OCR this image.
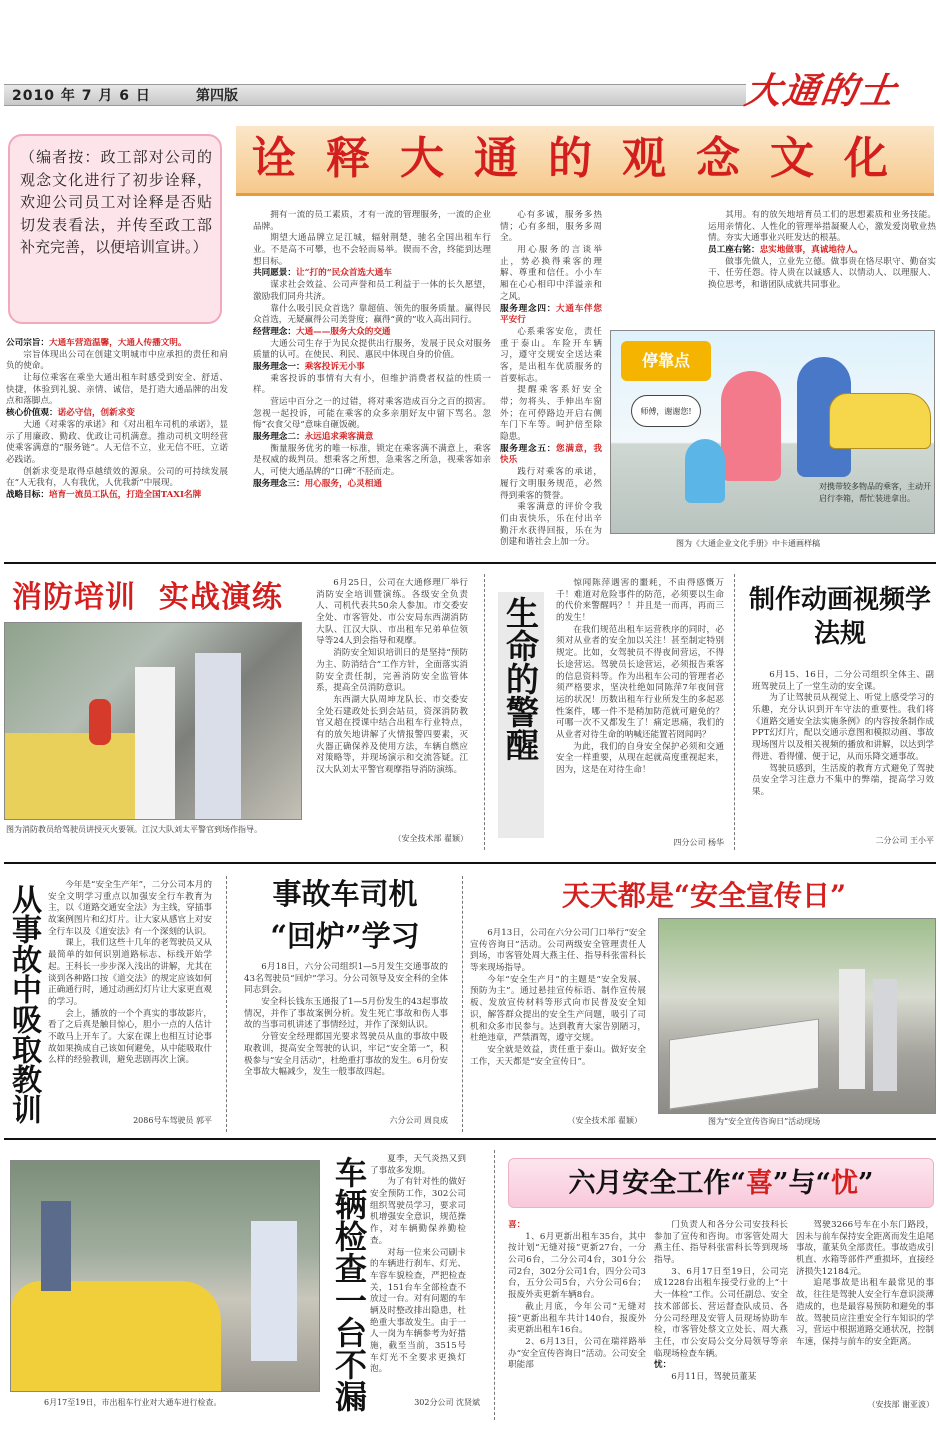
2010 年 7 月 6 日	第四版	大通的士
诠释大通的观念文化
（编者按：政工部对公司的观念文化进行了初步诠释，欢迎公司员工对诠释是否贴切发表看法，并传至政工部补充完善，以便培训宣讲。）

公司宗旨：大通车营造温馨，大通人传播文明。

宗旨体现出公司在创建文明城市中应承担的责任和肩负的使命。

让每位乘客在乘坐大通出租车时感受到安全、舒适、快捷，体验到礼貌、亲情、诚信，是打造大通品牌的出发点和落脚点。

核心价值观：诺必守信，创新求变

大通《对乘客的承诺》和《对出租车司机的承诺》，显示了用廉政、勤政、优政让司机满意。推动司机文明经营使乘客满意的“服务链”。人无信不立，业无信不旺，立诺必践诺。

创新求变是取得卓越绩效的源泉。公司的可持续发展在“人无我有，人有我优，人优我新”中展现。

战略目标：培育一流员工队伍，打造全国TAXI名牌

拥有一流的员工素质，才有一流的管理服务，一流的企业品牌。

期望大通品牌立足江城，辐射荆楚，驰名全国出租车行业。不是高不可攀，也不会轻而易举。锲而不舍，终能到达理想目标。

共同愿景：让“打的”民众首选大通车

谋求社会效益、公司声誉和员工利益于一体的长久愿望，激励我们同舟共济。

靠什么吸引民众首选？靠超值、领先的服务质量。赢得民众首选，无疑赢得公司美誉度；赢得“黄的”收入高出同行。

经营理念：大通——服务大众的交通

大通公司生存于为民众提供出行服务，发展于民众对服务质量的认可。在使民、利民、惠民中体现自身的价值。

服务理念一：乘客投诉无小事

乘客投诉的事情有大有小，但维护消费者权益的性质一样。

营运中百分之一的过错，将对乘客造成百分之百的损害。忽视一起投诉，可能在乘客的众多亲朋好友中留下骂名。忽悔“衣食父母”意味自砸饭碗。

服务理念二：永远追求乘客满意

衡量服务优劣的唯一标准，锁定在乘客满不满意上，乘客是权威的裁判员。想乘客之所想，急乘客之所急，视乘客如亲人，可使大通品牌的“口碑”不胫而走。

服务理念三：用心服务，心灵相通

心有多诚，服务多热情；心有多细，服务多周全。

用心服务的言谈举止，势必换得乘客的理解、尊重和信任。小小车厢在心心相印中洋溢亲和之风。

服务理念四：大通车伴您平安行

心系乘客安危，责任重于泰山。车险开车辆习，遵守交规安全送达乘客，是出租车优质服务的首要标志。

提醒乘客系好安全带；勿将头、手伸出车窗外；在可停路边开启右侧车门下车等。呵护倍至除隐患。

服务理念五：您满意，我快乐

践行对乘客的承诺，履行文明服务规范，必然得到乘客的赞誉。

乘客满意的评价令我们由衷快乐，乐在付出辛勤汗水获得回报，乐在为创建和谐社会上加一分。

其用。有的放矢地培育员工们的思想素质和业务技能。运用亲情化、人性化的管理举措凝聚人心，激发爱岗敬业热情。夯实大通事业兴旺发达的根基。

员工座右铭：忠实地做事，真诚地待人。

做事先做人，立业先立德。做事贵在恪尽职守、勤奋实干、任劳任怨。待人贵在以诚感人、以情动人、以理服人、换位思考，和谐团队成就共同事业。

停靠点
师傅，谢谢您!
对携带较多物品的乘客，主动开启行李箱，帮忙装进拿出。
图为《大通企业文化手册》中卡通画样稿
消防培训  实战演练
图为消防教员给驾驶员讲授灭火要领。江汉大队刘太平警官到场作指导。

6月25日，公司在大通修理厂举行消防安全培训暨演练。各级安全负责人、司机代表共50余人参加。市交委安全处、市客管处、市公安局东西湖消防大队、江汉大队、市出租车兄弟单位领导等24人到会指导和观摩。

消防安全知识培训日的是坚持“预防为主、防消结合”工作方针，全面落实消防安全责任制，完善消防安全监管体系，提高全员消防意识。

东西湖大队周坤龙队长、市交委安全处石建政处长到会站员，资深消防教官又超在授课中结合出租车行业特点，有的放矢地讲解了火情报警四要素，灭火器正确保养及使用方法，车辆自燃应对策略等，并现场演示和交流答疑。江汉大队刘太平警官观摩指导消防演练。

（安全技术部 翟颖）
生命的警醒

惊闻陈萍遇害的噩耗，不由得感慨万千！难道对危险事件的防范，必须要以生命的代价来警醒吗？！并且是一而再，再而三的发生！

在我们规范出租车运营秩序的同时，必须对从业者的安全加以关注！甚至制定特别规定。比如，女驾驶员不得夜间营运，不得长途营运。驾驶员长途营运，必须报告乘客的信息资料等。作为出租车公司的管理者必须严格要求，坚决杜绝如同陈萍7年夜间营运的状况！历数出租车行业所发生的多起恶性案件，哪一件不是稍加防范就可避免的？可哪一次不又都发生了！痛定思痛，我们的从业者对待生命的呐喊还能置若罔闻吗？

为此，我们的自身安全保护必须和交通安全一样重要，从现在起就高度重视起来，因为，这是在对待生命！

四分公司 杨华
制作动画视频学法规

6月15、16日，二分公司组织全体主、副班驾驶员上了一堂生动的安全课。

为了让驾驶员从视觉上、听觉上感受学习的乐趣，充分认识到开车守法的重要性。我们将《道路交通安全法实施条例》的内容按条制作成PPT幻灯片，配以交通示意图和模拟动画、事故现场图片以及相关视频的播放和讲解，以达到学得进、看得懂、便于记，从而乐降交通事故。

驾驶员感到，生活废的教育方式避免了驾驶员安全学习注意力不集中的弊端，提高学习效果。

二分公司 王小平
从事故中吸取教训	今年是“安全生产年”，二分公司本月的安全文明学习重点以加强安全行车教育为主，以《道路交通安全法》为主线，穿插事故案例图片和幻灯片。让大家从感官上对安全行车以及《道安法》有一个深刻的认识。

课上，我们这些十几年的老驾驶员又从最简单的如何识别道路标志、标线开始学起。王科长一步步深入浅出的讲解，尤其在谈到各种路口按《道交法》的规定应该如何正确通行时，通过动画幻灯片让大家更直观的学习。

会上，播放的一个个真实的事故影片，看了之后真是触目惊心，胆小一点的人估计不敢马上开车了。大家在课上也相互讨论事故如果换成自己该如何避免，从中能吸取什么样的经验教训，避免悲剧再次上演。

2086号车驾驶员 郭平
事故车司机
“回炉”学习

6月18日，六分公司组织1—5月发生交通事故的43名驾驶员“回炉”学习。分公司领导及安全科的全体同志到会。

安全科长钱东玉通报了1—5月份发生的43起事故情况，并作了事故案例分析。发生死亡事故和伤人事故的当事司机讲述了事情经过，并作了深刻认识。

分管安全经理都国光要求驾驶员从血的事故中吸取教训，提高安全驾驶的认识，牢记“安全第一”，积极参与“安全月活动”，杜绝重打事故的发生。6月份安全事故大幅减少，发生一般事故四起。

六分公司 周良成
天天都是“安全宣传日”

6月13日，公司在六分公司门口举行“安全宣传咨询日”活动。公司两级安全管理责任人到场，市客管处周大燕主任、指导科张雷科长等来现场指导。

今年“安全生产月”的主题是“安全发展、预防为主”。通过悬挂宣传标语、制作宣传展板、发放宣传材料等形式向市民普及安全知识，解答群众提出的安全生产问题，吸引了司机和众多市民参与。达到教育大家告别陋习，杜绝违章，严禁酒驾，遵守交规。

安全就是效益，责任重于泰山。做好安全工作，天天都是“安全宣传日”。

（安全技术部 翟颖）	图为“安全宣传咨询日”活动现场
6月17至19日，市出租车行业对大通车进行检查。	车辆检查一台不漏	夏季，天气炎热又到了事故多发期。

为了有针对性的做好安全预防工作，302公司组织驾驶员学习，要求司机增强安全意识，规范操作，对车辆勤保养勤检查。

对每一位来公司刷卡的车辆进行刹车、灯光、车容车貌检查，严把检查关，151台车全部检查不放过一台。对有问题的车辆及时整改排出隐患，杜绝重大事故发生。由于一人一岗为车辆参考为好措施，截至当前，3515号车灯光不全要求更换灯泡。

302分公司 沈贤斌
六月安全工作“喜”与“忧”

喜：

1、6月更新出租车35台，其中按计划“无缝对接”更新27台，一分公司6台，二分公司4台，301分公司2台，302分公司1台，四分公司3台，五分公司5台，六分公司6台；报废外卖更新车辆8台。

截止月底，今年公司“无缝对接”更新出租车共计140台，报废外卖更新出租车16台。

2、6月13日，公司在瑞祥路举办“安全宣传咨询日”活动。公司安全职能部

门负责人和各分公司安技科长参加了宣传和咨询。市客管处周大燕主任、指导科张雷科长等到现场指导。

3、6月17日至19日，公司完成1228台出租车接受行业的上“十大一体检”工作。公司任副总、安全技术部部长、营运督查队成员、各分公司经理及安管人员现场协助车检，市客管处蔡文立处长、周大燕主任，市公安局公交分局领导等亲临现场检查车辆。

忧：

6月11日，驾驶员董某

驾驶3266号车在小东门路段，因未与前车保持安全距离而发生追尾事故，董某负全部责任。事故造成引机直、水箱等部件严重损坏，直接经济损失12184元。

追尾事故是出租车最常见的事故，往往是驾驶人安全行车意识淡薄造成的，也是最容易预防和避免的事故。驾驶员应注重安全行车知识的学习，营运中根据道路交通状况，控制车速，保持与前车的安全距离。

（安技部 谢亚波）
